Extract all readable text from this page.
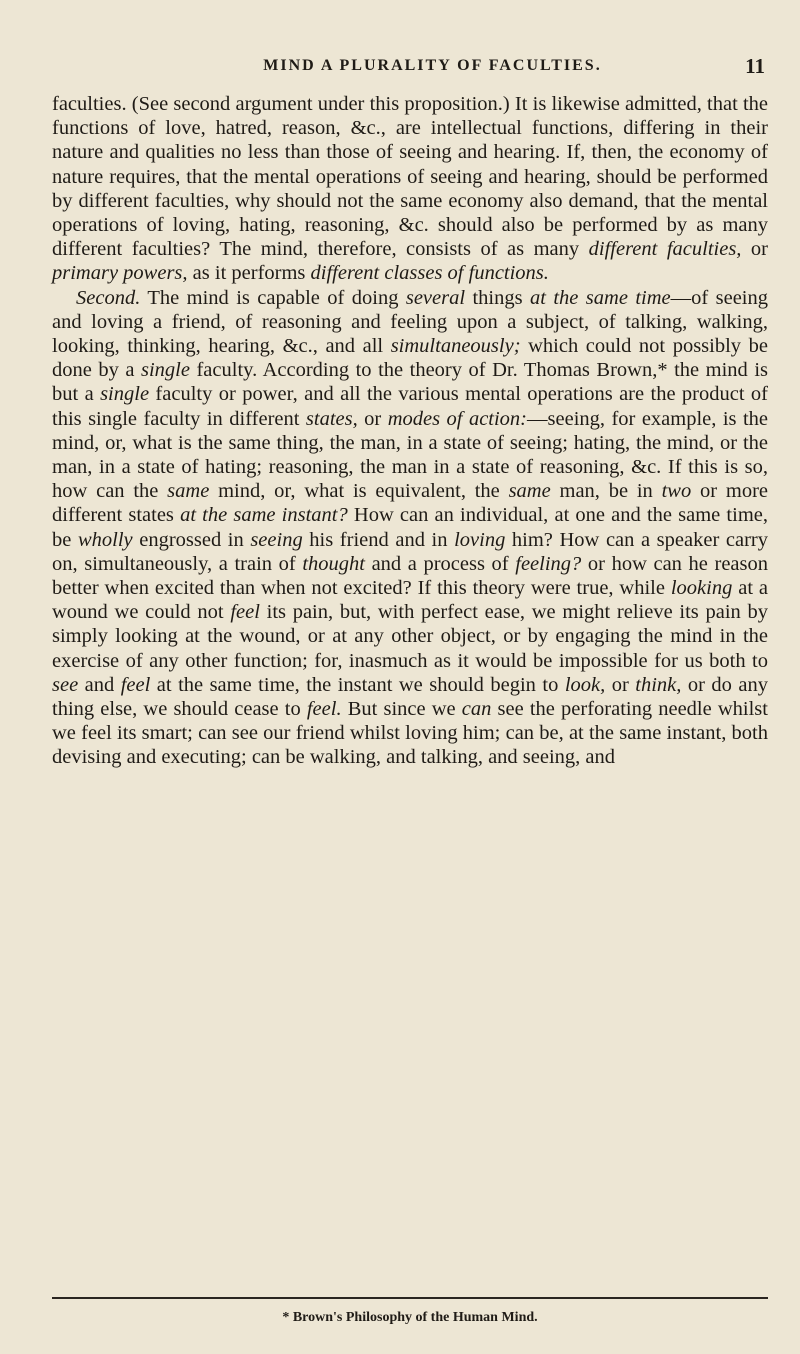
MIND A PLURALITY OF FACULTIES.	11

faculties. (See second argument under this proposition.) It is likewise admitted, that the functions of love, hatred, reason, &c., are intellectual functions, differing in their nature and qualities no less than those of seeing and hearing. If, then, the economy of nature requires, that the mental operations of seeing and hearing, should be performed by different faculties, why should not the same economy also demand, that the mental operations of loving, hating, reasoning, &c. should also be performed by as many different faculties? The mind, therefore, consists of as many different faculties, or primary powers, as it performs different classes of functions.

Second. The mind is capable of doing several things at the same time—of seeing and loving a friend, of reasoning and feeling upon a subject, of talking, walking, looking, thinking, hearing, &c., and all simultaneously; which could not possibly be done by a single faculty. According to the theory of Dr. Thomas Brown,* the mind is but a single faculty or power, and all the various mental operations are the product of this single faculty in different states, or modes of action:—seeing, for example, is the mind, or, what is the same thing, the man, in a state of seeing; hating, the mind, or the man, in a state of hating; reasoning, the man in a state of reasoning, &c. If this is so, how can the same mind, or, what is equivalent, the same man, be in two or more different states at the same instant? How can an individual, at one and the same time, be wholly engrossed in seeing his friend and in loving him? How can a speaker carry on, simultaneously, a train of thought and a process of feeling? or how can he reason better when excited than when not excited? If this theory were true, while looking at a wound we could not feel its pain, but, with perfect ease, we might relieve its pain by simply looking at the wound, or at any other object, or by engaging the mind in the exercise of any other function; for, inasmuch as it would be impossible for us both to see and feel at the same time, the instant we should begin to look, or think, or do any thing else, we should cease to feel. But since we can see the perforating needle whilst we feel its smart; can see our friend whilst loving him; can be, at the same instant, both devising and executing; can be walking, and talking, and seeing, and

* Brown's Philosophy of the Human Mind.
